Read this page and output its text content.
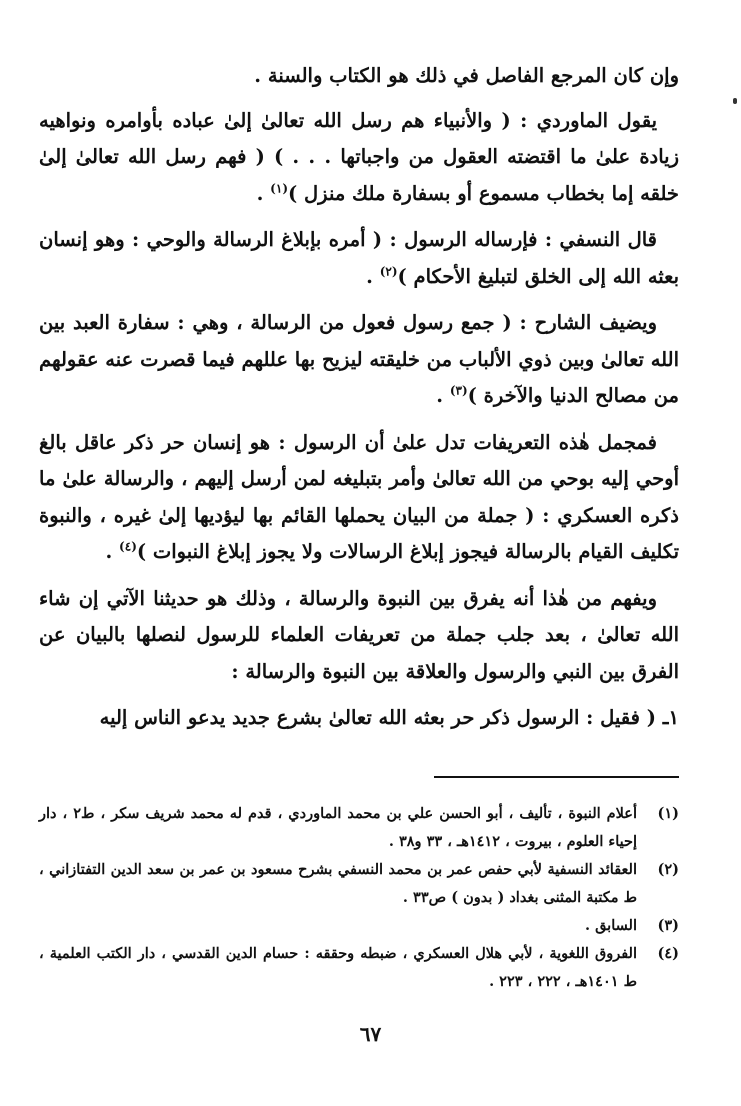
وإن كان المرجع الفاصل في ذلك هو الكتاب والسنة .

يقول الماوردي : ( والأنبياء هم رسل الله تعالىٰ إلىٰ عباده بأوامره ونواهيه زيادة علىٰ ما اقتضته العقول من واجباتها . . . ) ( فهم رسل الله تعالىٰ إلىٰ خلقه إما بخطاب مسموع أو بسفارة ملك منزل )$^{(١)}$ .

قال النسفي : فإرساله الرسول : ( أمره بإبلاغ الرسالة والوحي : وهو إنسان بعثه الله إلى الخلق لتبليغ الأحكام )$^{(٢)}$ .

ويضيف الشارح : ( جمع رسول فعول من الرسالة ، وهي : سفارة العبد بين الله تعالىٰ وبين ذوي الألباب من خليقته ليزيح بها عللهم فيما قصرت عنه عقولهم من مصالح الدنيا والآخرة )$^{(٣)}$ .

فمجمل هٰذه التعريفات تدل علىٰ أن الرسول : هو إنسان حر ذكر عاقل بالغ أوحي إليه بوحي من الله تعالىٰ وأمر بتبليغه لمن أرسل إليهم ، والرسالة علىٰ ما ذكره العسكري : ( جملة من البيان يحملها القائم بها ليؤديها إلىٰ غيره ، والنبوة تكليف القيام بالرسالة فيجوز إبلاغ الرسالات ولا يجوز إبلاغ النبوات )$^{(٤)}$ .

ويفهم من هٰذا أنه يفرق بين النبوة والرسالة ، وذلك هو حديثنا الآتي إن شاء الله تعالىٰ ، بعد جلب جملة من تعريفات العلماء للرسول لنصلها بالبيان عن الفرق بين النبي والرسول والعلاقة بين النبوة والرسالة :

١ـ ( فقيل : الرسول ذكر حر بعثه الله تعالىٰ بشرع جديد يدعو الناس إليه

(١)
أعلام النبوة ، تأليف ، أبو الحسن علي بن محمد الماوردي ، قدم له محمد شريف سكر ، ط٢ ، دار إحياء العلوم ، بيروت ، ١٤١٢هـ ، ٣٣ و٣٨ .
(٢)
العقائد النسفية لأبي حفص عمر بن محمد النسفي بشرح مسعود بن عمر بن سعد الدين التفتازاني ، ط مكتبة المثنى بغداد ( بدون ) ص٣٣ .
(٣)
السابق .
(٤)
الفروق اللغوية ، لأبي هلال العسكري ، ضبطه وحققه : حسام الدين القدسي ، دار الكتب العلمية ، ط ١٤٠١هـ ، ٢٢٢ ، ٢٢٣ .
٦٧
